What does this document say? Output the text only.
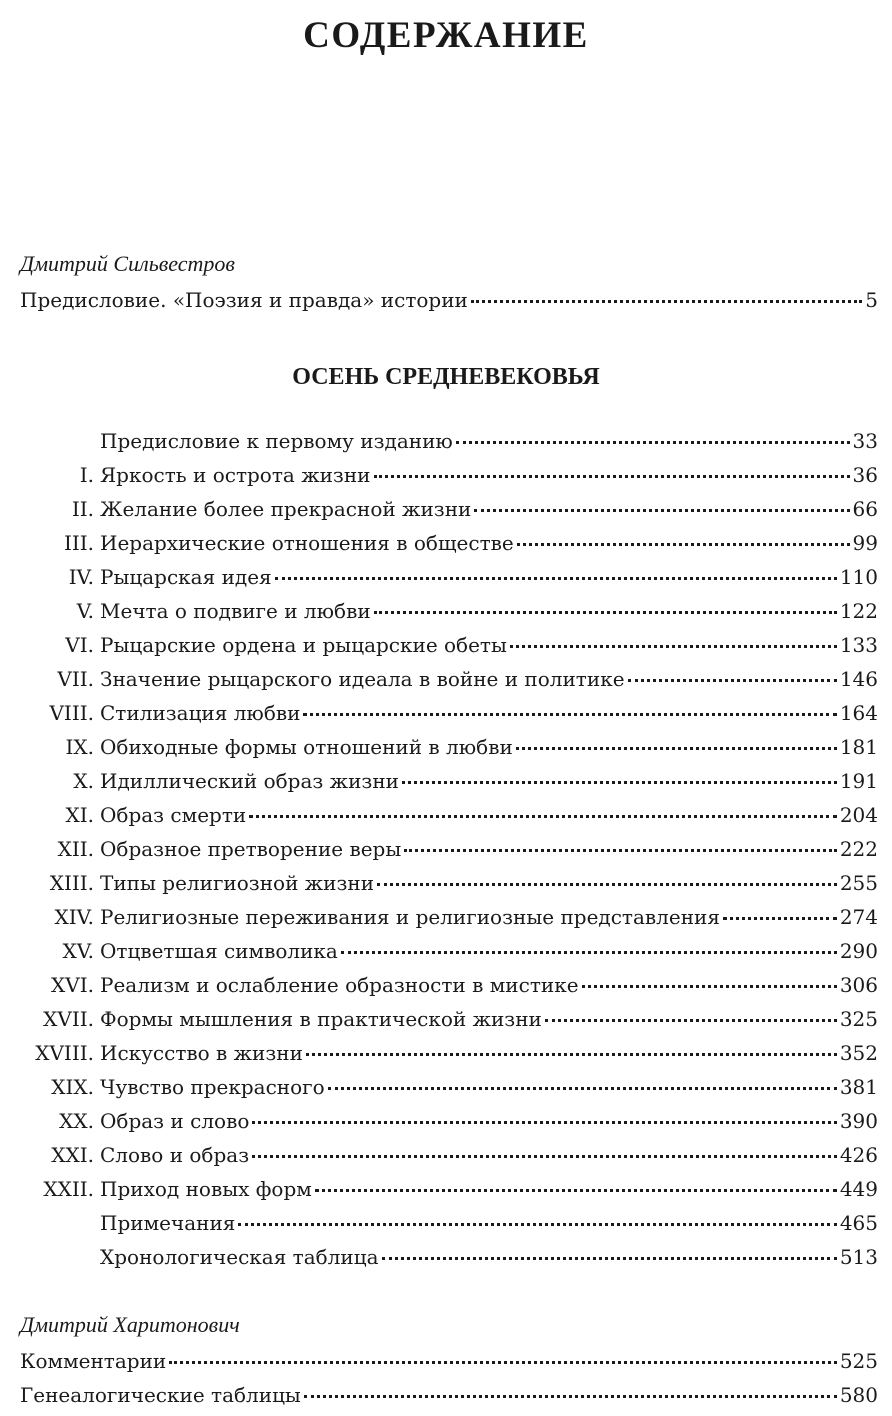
СОДЕРЖАНИЕ
Дмитрий Сильвестров
Предисловие. «Поэзия и правда» истории	5
ОСЕНЬ СРЕДНЕВЕКОВЬЯ
Предисловие к первому изданию	33
I. Яркость и острота жизни	36
II. Желание более прекрасной жизни	66
III. Иерархические отношения в обществе	99
IV. Рыцарская идея	110
V. Мечта о подвиге и любви	122
VI. Рыцарские ордена и рыцарские обеты	133
VII. Значение рыцарского идеала в войне и политике	146
VIII. Стилизация любви	164
IX. Обиходные формы отношений в любви	181
X. Идиллический образ жизни	191
XI. Образ смерти	204
XII. Образное претворение веры	222
XIII. Типы религиозной жизни	255
XIV. Религиозные переживания и религиозные представления	274
XV. Отцветшая символика	290
XVI. Реализм и ослабление образности в мистике	306
XVII. Формы мышления в практической жизни	325
XVIII. Искусство в жизни	352
XIX. Чувство прекрасного	381
XX. Образ и слово	390
XXI. Слово и образ	426
XXII. Приход новых форм	449
Примечания	465
Хронологическая таблица	513
Дмитрий Харитонович
Комментарии	525
Генеалогические таблицы	580
